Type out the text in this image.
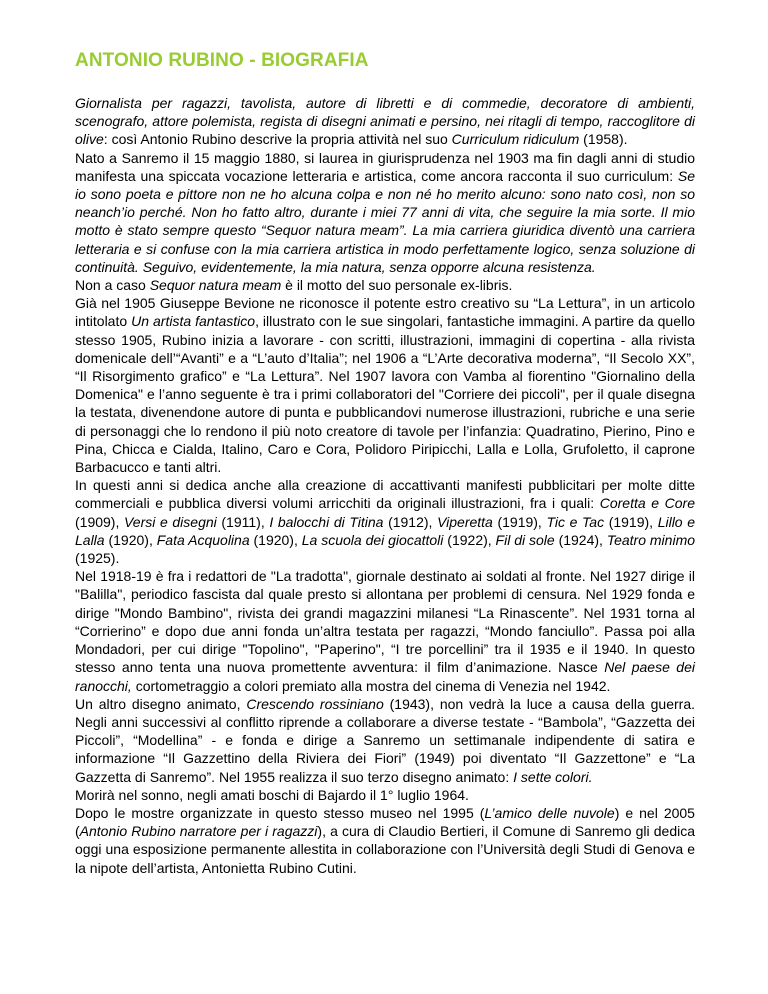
ANTONIO RUBINO - BIOGRAFIA

Giornalista per ragazzi, tavolista, autore di libretti e di commedie, decoratore di ambienti, scenografo, attore polemista, regista di disegni animati e persino, nei ritagli di tempo, raccoglitore di olive: così Antonio Rubino descrive la propria attività nel suo Curriculum ridiculum (1958).

Nato a Sanremo il 15 maggio 1880, si laurea in giurisprudenza nel 1903 ma fin dagli anni di studio manifesta una spiccata vocazione letteraria e artistica, come ancora racconta il suo curriculum: Se io sono poeta e pittore non ne ho alcuna colpa e non né ho merito alcuno: sono nato così, non so neanch’io perché. Non ho fatto altro, durante i miei 77 anni di vita, che seguire la mia sorte. Il mio motto è stato sempre questo “Sequor natura meam”. La mia carriera giuridica diventò una carriera letteraria e si confuse con la mia carriera artistica in modo perfettamente logico, senza soluzione di continuità. Seguivo, evidentemente, la mia natura, senza opporre alcuna resistenza.

Non a caso Sequor natura meam è il motto del suo personale ex-libris.

Già nel 1905 Giuseppe Bevione ne riconosce il potente estro creativo su “La Lettura”, in un articolo intitolato Un artista fantastico, illustrato con le sue singolari, fantastiche immagini. A partire da quello stesso 1905, Rubino inizia a lavorare - con scritti, illustrazioni, immagini di copertina - alla rivista domenicale dell’“Avanti” e a “L’auto d’Italia”; nel 1906 a “L’Arte decorativa moderna”, “Il Secolo XX”, “Il Risorgimento grafico” e “La Lettura”. Nel 1907 lavora con Vamba al fiorentino "Giornalino della Domenica" e l’anno seguente è tra i primi collaboratori del "Corriere dei piccoli", per il quale disegna la testata, divenendone autore di punta e pubblicandovi numerose illustrazioni, rubriche e una serie di personaggi che lo rendono il più noto creatore di tavole per l’infanzia: Quadratino, Pierino, Pino e Pina, Chicca e Cialda, Italino, Caro e Cora, Polidoro Piripicchi, Lalla e Lolla, Grufoletto, il caprone Barbacucco e tanti altri.

In questi anni si dedica anche alla creazione di accattivanti manifesti pubblicitari per molte ditte commerciali e pubblica diversi volumi arricchiti da originali illustrazioni, fra i quali: Coretta e Core (1909), Versi e disegni (1911), I balocchi di Titina (1912), Viperetta (1919), Tic e Tac (1919), Lillo e Lalla (1920), Fata Acquolina (1920), La scuola dei giocattoli (1922), Fil di sole (1924), Teatro minimo (1925).

Nel 1918-19 è fra i redattori de "La tradotta", giornale destinato ai soldati al fronte. Nel 1927 dirige il "Balilla", periodico fascista dal quale presto si allontana per problemi di censura. Nel 1929 fonda e dirige "Mondo Bambino", rivista dei grandi magazzini milanesi “La Rinascente”. Nel 1931 torna al “Corrierino” e dopo due anni fonda un’altra testata per ragazzi, “Mondo fanciullo”. Passa poi alla Mondadori, per cui dirige "Topolino", "Paperino", “I tre porcellini” tra il 1935 e il 1940. In questo stesso anno tenta una nuova promettente avventura: il film d’animazione. Nasce Nel paese dei ranocchi, cortometraggio a colori premiato alla mostra del cinema di Venezia nel 1942.

Un altro disegno animato, Crescendo rossiniano (1943), non vedrà la luce a causa della guerra. Negli anni successivi al conflitto riprende a collaborare a diverse testate - “Bambola”, “Gazzetta dei Piccoli”, “Modellina” - e fonda e dirige a Sanremo un settimanale indipendente di satira e informazione “Il Gazzettino della Riviera dei Fiori” (1949) poi diventato “Il Gazzettone” e “La Gazzetta di Sanremo”. Nel 1955 realizza il suo terzo disegno animato: I sette colori.

Morirà nel sonno, negli amati boschi di Bajardo il 1° luglio 1964.

Dopo le mostre organizzate in questo stesso museo nel 1995 (L’amico delle nuvole) e nel 2005 (Antonio Rubino narratore per i ragazzi), a cura di Claudio Bertieri, il Comune di Sanremo gli dedica oggi una esposizione permanente allestita in collaborazione con l’Università degli Studi di Genova e la nipote dell’artista, Antonietta Rubino Cutini.
